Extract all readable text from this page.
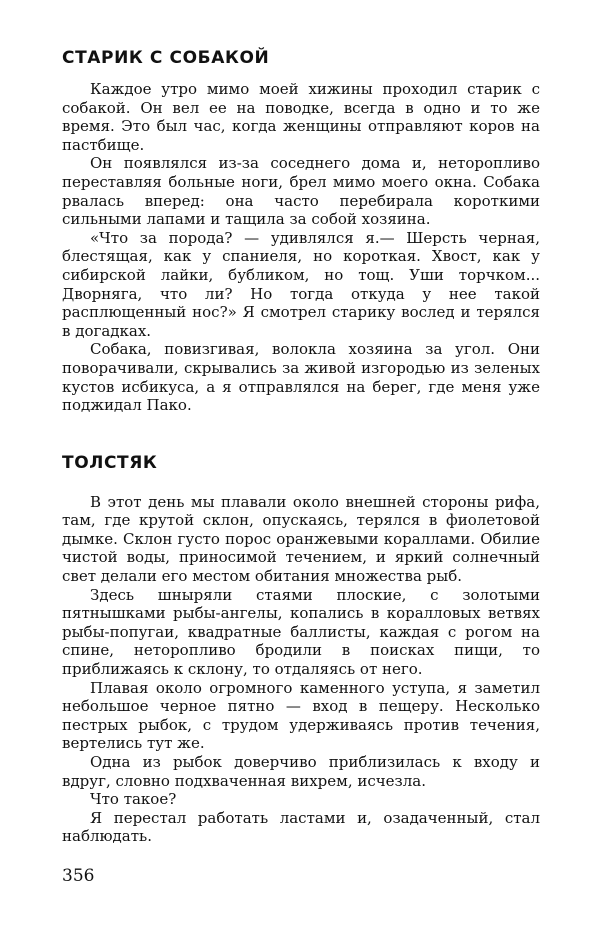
СТАРИК С СОБАКОЙ

Каждое утро мимо моей хижины проходил старик с собакой. Он вел ее на поводке, всегда в одно и то же время. Это был час, когда женщины отправляют коров на пастбище.

Он появлялся из-за соседнего дома и, неторопливо переставляя больные ноги, брел мимо моего окна. Собака рвалась вперед: она часто перебирала короткими сильными лапами и тащила за собой хозяина.

«Что за порода? — удивлялся я.— Шерсть черная, блестящая, как у спаниеля, но короткая. Хвост, как у сибирской лайки, бубликом, но тощ. Уши торчком... Дворняга, что ли? Но тогда откуда у нее такой расплющенный нос?» Я смотрел старику вослед и терялся в догадках.

Собака, повизгивая, волокла хозяина за угол. Они поворачивали, скрывались за живой изгородью из зеленых кустов исбикуса, а я отправлялся на берег, где меня уже поджидал Пако.

ТОЛСТЯК

В этот день мы плавали около внешней стороны рифа, там, где крутой склон, опускаясь, терялся в фиолетовой дымке. Склон густо порос оранжевыми кораллами. Обилие чистой воды, приносимой течением, и яркий солнечный свет делали его местом обитания множества рыб.

Здесь шныряли стаями плоские, с золотыми пятнышками рыбы-ангелы, копались в коралловых ветвях рыбы-попугаи, квадратные баллисты, каждая с рогом на спине, неторопливо бродили в поисках пищи, то приближаясь к склону, то отдаляясь от него.

Плавая около огромного каменного уступа, я заметил небольшое черное пятно — вход в пещеру. Несколько пестрых рыбок, с трудом удерживаясь против течения, вертелись тут же.

Одна из рыбок доверчиво приблизилась к входу и вдруг, словно подхваченная вихрем, исчезла.

Что такое?

Я перестал работать ластами и, озадаченный, стал наблюдать.

356
